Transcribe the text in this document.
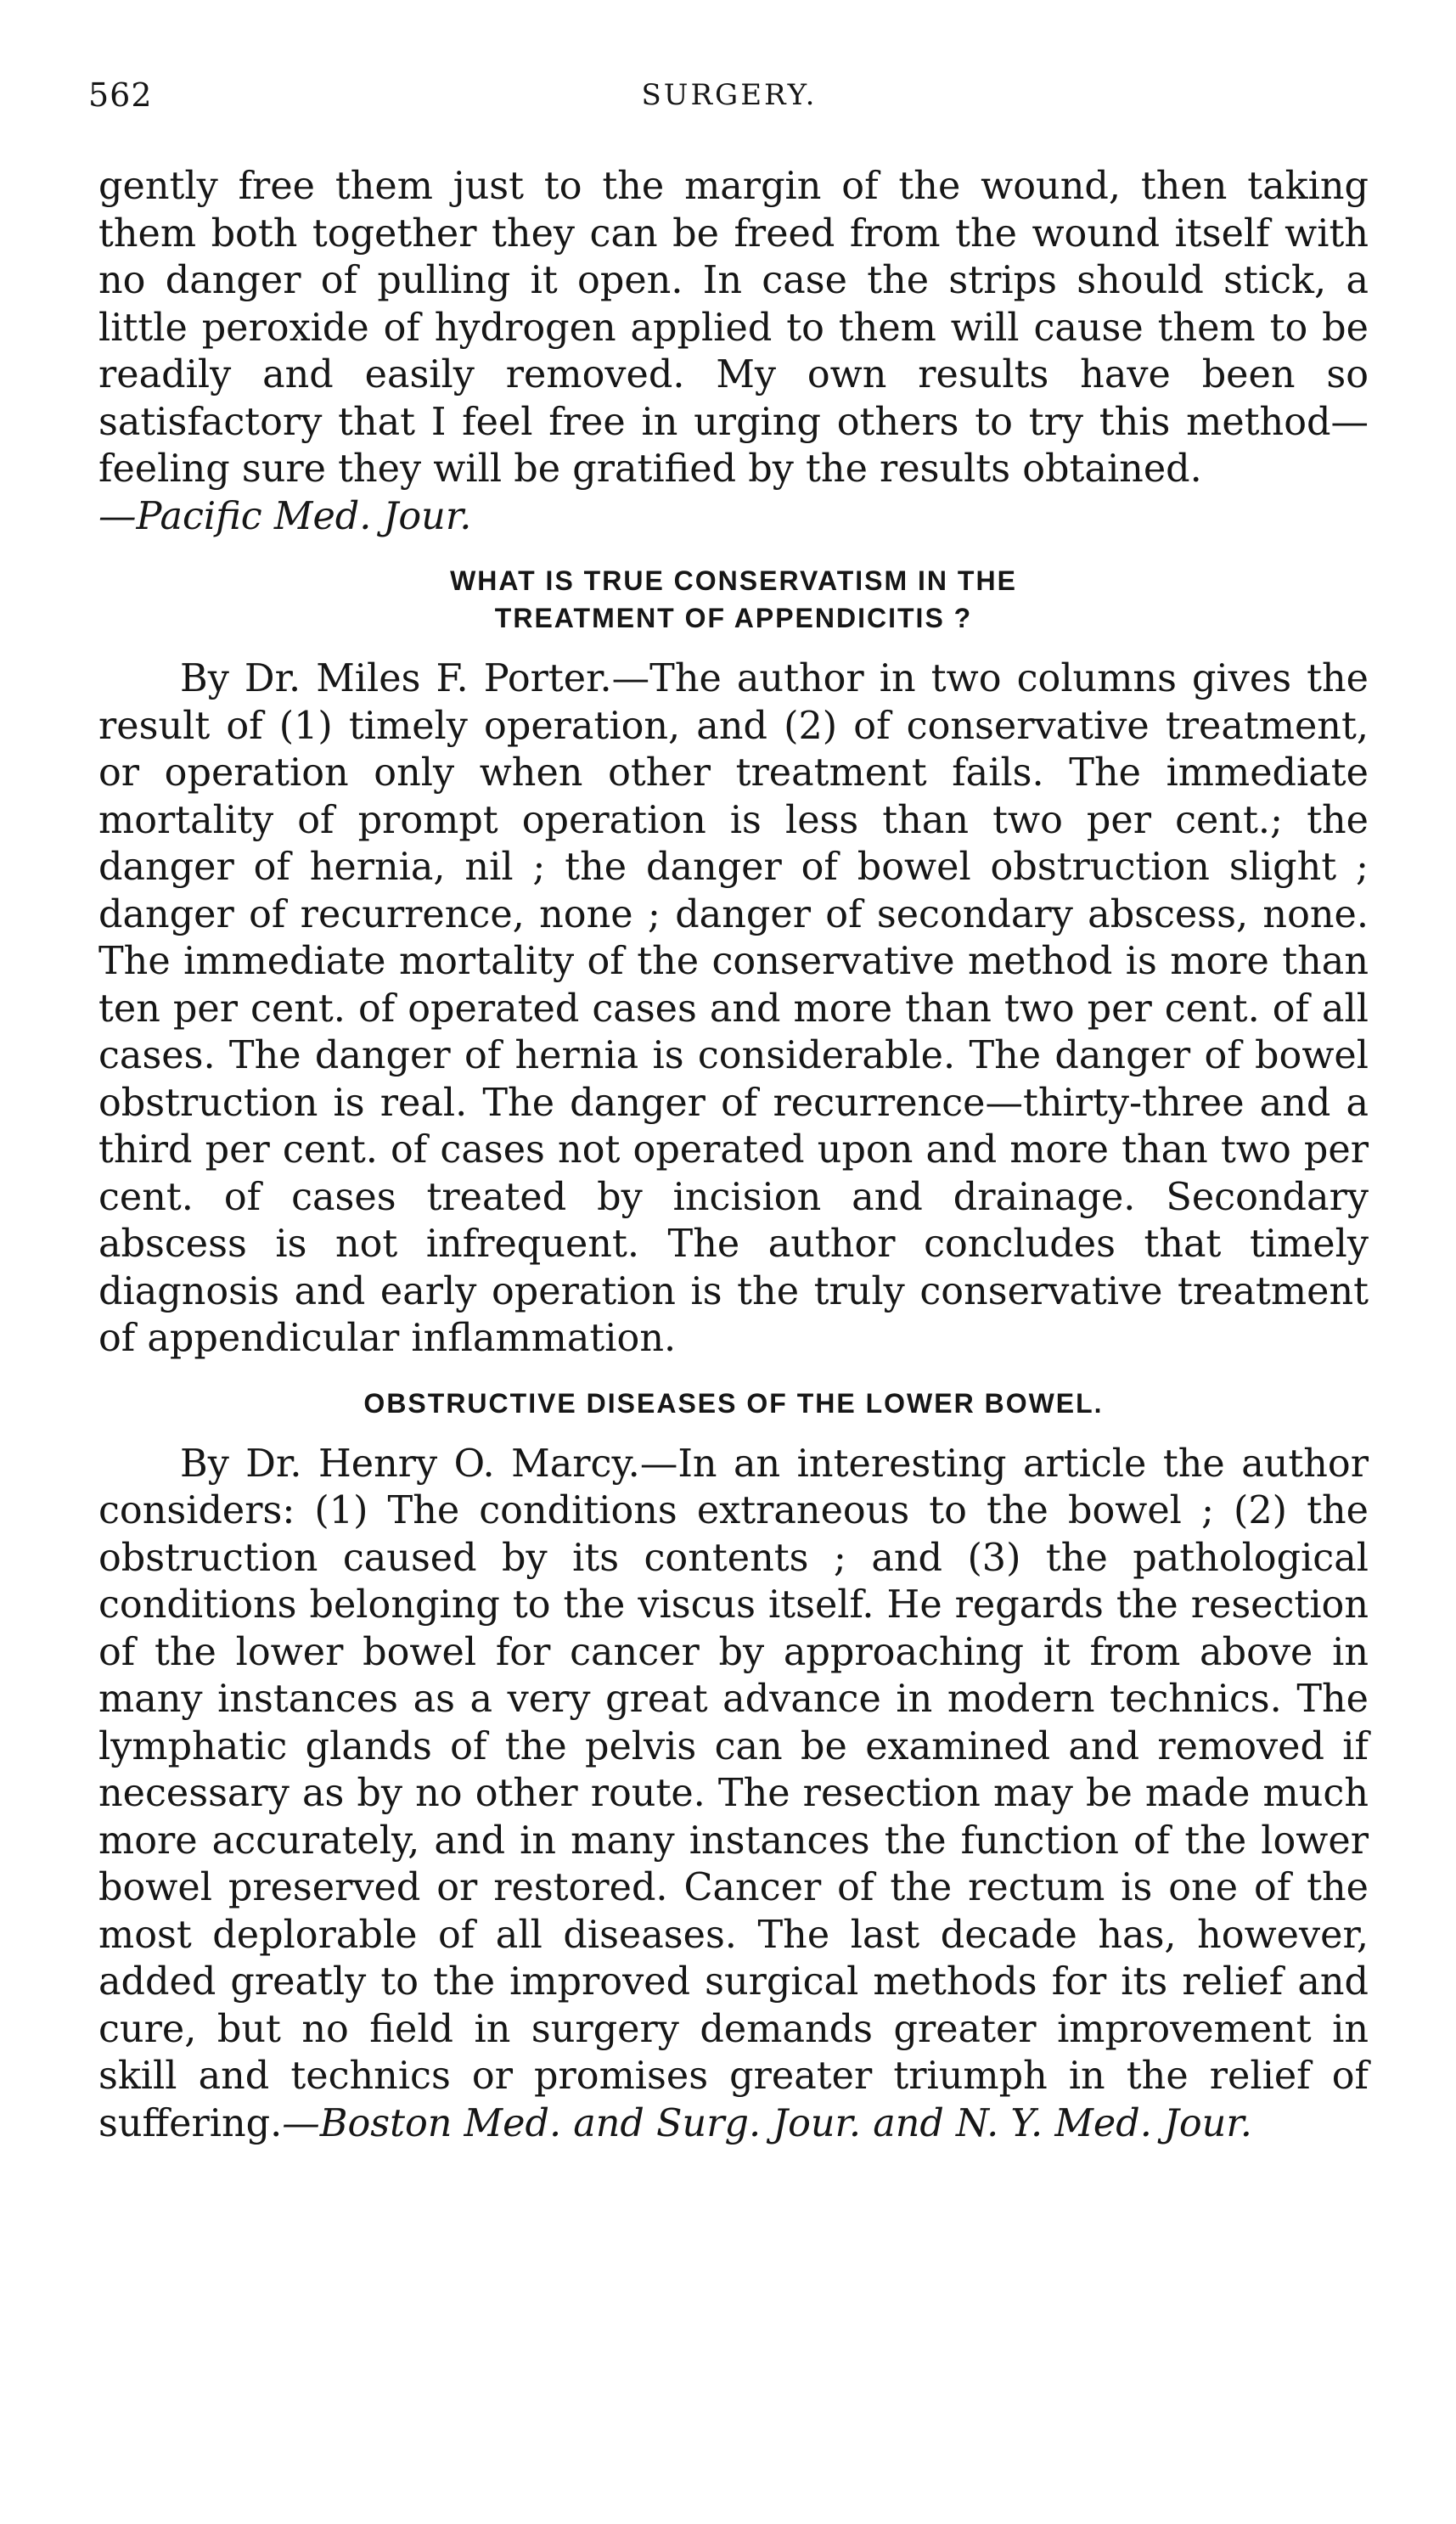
562	SURGERY.

gently free them just to the margin of the wound, then taking them both together they can be freed from the wound itself with no danger of pulling it open. In case the strips should stick, a little peroxide of hydrogen applied to them will cause them to be readily and easily removed. My own results have been so satisfactory that I feel free in urging others to try this method—feeling sure they will be gratified by the results obtained.
—Pacific Med. Jour.

WHAT IS TRUE CONSERVATISM IN THE
TREATMENT OF APPENDICITIS ?

By Dr. Miles F. Porter.—The author in two columns gives the result of (1) timely operation, and (2) of conservative treatment, or operation only when other treatment fails. The immediate mortality of prompt operation is less than two per cent.; the danger of hernia, nil ; the danger of bowel obstruction slight ; danger of recurrence, none ; danger of secondary abscess, none. The immediate mortality of the conservative method is more than ten per cent. of operated cases and more than two per cent. of all cases. The danger of hernia is considerable. The danger of bowel obstruction is real. The danger of recurrence—thirty-three and a third per cent. of cases not operated upon and more than two per cent. of cases treated by incision and drainage. Secondary abscess is not infrequent. The author concludes that timely diagnosis and early operation is the truly conservative treatment of appendicular inflammation.

OBSTRUCTIVE DISEASES OF THE LOWER BOWEL.

By Dr. Henry O. Marcy.—In an interesting article the author considers: (1) The conditions extraneous to the bowel ; (2) the obstruction caused by its contents ; and (3) the pathological conditions belonging to the viscus itself. He regards the resection of the lower bowel for cancer by approaching it from above in many instances as a very great advance in modern technics. The lymphatic glands of the pelvis can be examined and removed if necessary as by no other route. The resection may be made much more accurately, and in many instances the function of the lower bowel preserved or restored. Cancer of the rectum is one of the most deplorable of all diseases. The last decade has, however, added greatly to the improved surgical methods for its relief and cure, but no field in surgery demands greater improvement in skill and technics or promises greater triumph in the relief of suffering.—Boston Med. and Surg. Jour. and N. Y. Med. Jour.
